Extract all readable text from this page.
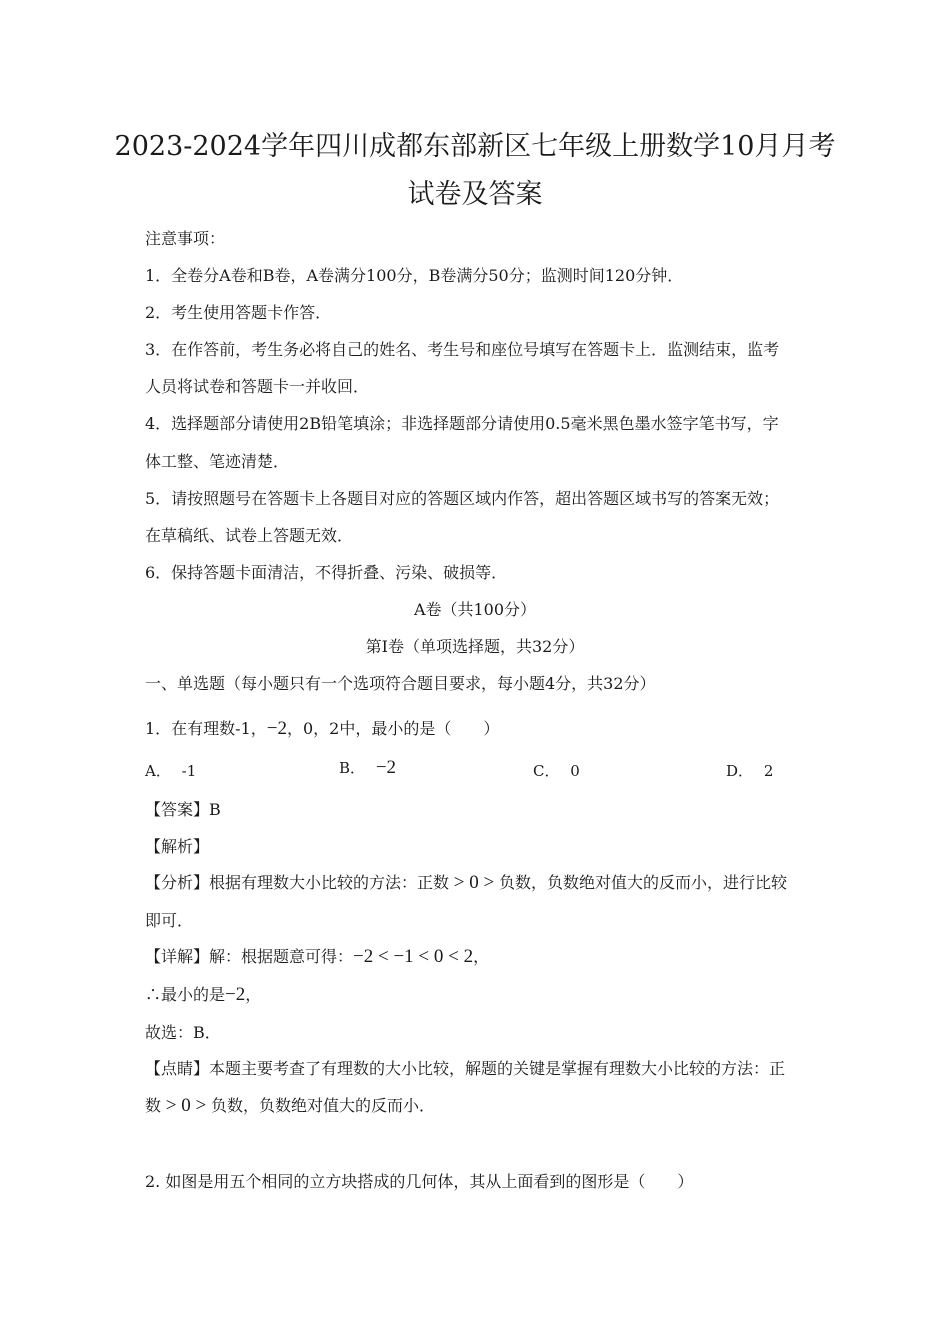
2023-2024学年四川成都东部新区七年级上册数学10月月考
试卷及答案
注意事项：
1．全卷分A卷和B卷，A卷满分100分，B卷满分50分；监测时间120分钟．
2．考生使用答题卡作答．
3．在作答前，考生务必将自己的姓名、考生号和座位号填写在答题卡上．监测结束，监考
人员将试卷和答题卡一并收回．
4．选择题部分请使用2B铅笔填涂；非选择题部分请使用0.5毫米黑色墨水签字笔书写，字
体工整、笔迹清楚．
5．请按照题号在答题卡上各题目对应的答题区域内作答，超出答题区域书写的答案无效；
在草稿纸、试卷上答题无效．
6．保持答题卡面清洁，不得折叠、污染、破损等．
A卷（共100分）
第Ⅰ卷（单项选择题，共32分）
一、单选题（每小题只有一个选项符合题目要求，每小题4分，共32分）
1．在有理数-1，−2，0，2中，最小的是（　　）
A． -1	B． −2	C． 0	D． 2
【答案】B
【解析】
【分析】根据有理数大小比较的方法：正数 > 0 > 负数，负数绝对值大的反而小，进行比较
即可．
【详解】解：根据题意可得：−2 < −1 < 0 < 2，
∴最小的是−2，
故选：B．
【点睛】本题主要考查了有理数的大小比较，解题的关键是掌握有理数大小比较的方法：正
数 > 0 > 负数，负数绝对值大的反而小．
2. 如图是用五个相同的立方块搭成的几何体，其从上面看到的图形是（　　）
